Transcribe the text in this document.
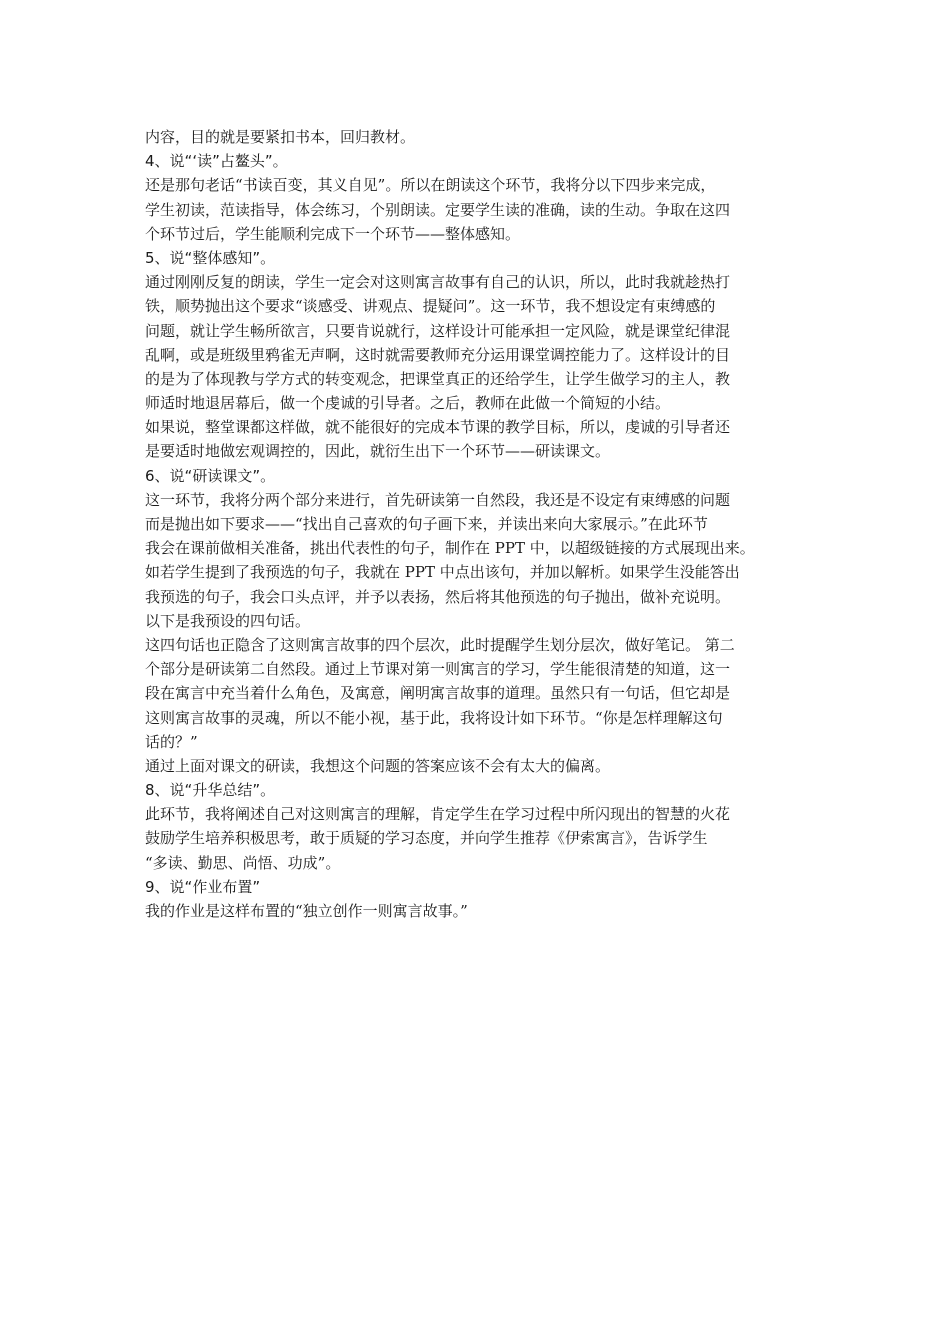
内容，目的就是要紧扣书本，回归教材。
4、说“‘读”占鳌头”。
还是那句老话“书读百变，其义自见”。所以在朗读这个环节，我将分以下四步来完成，
学生初读，范读指导，体会练习，个别朗读。定要学生读的准确，读的生动。争取在这四
个环节过后，学生能顺利完成下一个环节——整体感知。
5、说“整体感知”。
通过刚刚反复的朗读，学生一定会对这则寓言故事有自己的认识，所以，此时我就趁热打
铁，顺势抛出这个要求“谈感受、讲观点、提疑问”。这一环节，我不想设定有束缚感的
问题，就让学生畅所欲言，只要肯说就行，这样设计可能承担一定风险，就是课堂纪律混
乱啊，或是班级里鸦雀无声啊，这时就需要教师充分运用课堂调控能力了。这样设计的目
的是为了体现教与学方式的转变观念，把课堂真正的还给学生，让学生做学习的主人，教
师适时地退居幕后，做一个虔诚的引导者。之后，教师在此做一个简短的小结。
如果说，整堂课都这样做，就不能很好的完成本节课的教学目标，所以，虔诚的引导者还
是要适时地做宏观调控的，因此，就衍生出下一个环节——研读课文。
6、说“研读课文”。
这一环节，我将分两个部分来进行，首先研读第一自然段，我还是不设定有束缚感的问题
而是抛出如下要求——“找出自己喜欢的句子画下来，并读出来向大家展示。”在此环节
我会在课前做相关准备，挑出代表性的句子，制作在 PPT 中，以超级链接的方式展现出来。
如若学生提到了我预选的句子，我就在 PPT 中点出该句，并加以解析。如果学生没能答出
我预选的句子，我会口头点评，并予以表扬，然后将其他预选的句子抛出，做补充说明。
以下是我预设的四句话。
这四句话也正隐含了这则寓言故事的四个层次，此时提醒学生划分层次，做好笔记。 第二
个部分是研读第二自然段。通过上节课对第一则寓言的学习，学生能很清楚的知道，这一
段在寓言中充当着什么角色，及寓意，阐明寓言故事的道理。虽然只有一句话，但它却是
这则寓言故事的灵魂，所以不能小视，基于此，我将设计如下环节。“你是怎样理解这句
话的？”
通过上面对课文的研读，我想这个问题的答案应该不会有太大的偏离。
8、说“升华总结”。
此环节，我将阐述自己对这则寓言的理解，肯定学生在学习过程中所闪现出的智慧的火花
鼓励学生培养积极思考，敢于质疑的学习态度，并向学生推荐《伊索寓言》，告诉学生
“多读、勤思、尚悟、功成”。
9、说“作业布置”
我的作业是这样布置的“独立创作一则寓言故事。”
